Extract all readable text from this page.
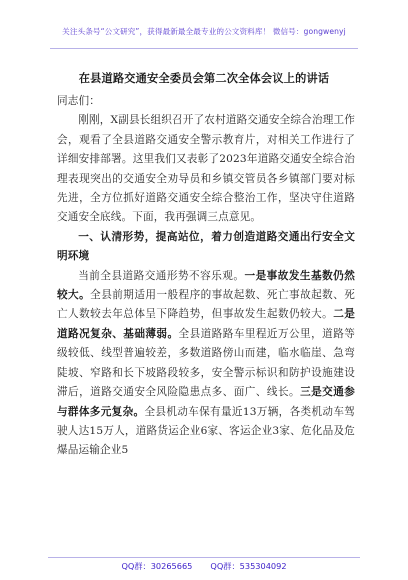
关注头条号“公文研究”，获得最新最全最专业的公文资料库！ 微信号：gongwenyj
在县道路交通安全委员会第二次全体会议上的讲话

同志们：

刚刚，X副县长组织召开了农村道路交通安全综合治理工作会，观看了全县道路交通安全警示教育片，对相关工作进行了详细安排部署。这里我们又表彰了2023年道路交通安全综合治理表现突出的交通安全劝导员和乡镇交管员各乡镇部门要对标先进，全方位抓好道路交通安全综合整治工作，坚决守住道路交通安全底线。下面，我再强调三点意见。

一、认清形势，提高站位，着力创造道路交通出行安全文明环境

当前全县道路交通形势不容乐观。一是事故发生基数仍然较大。全县前期适用一般程序的事故起数、死亡事故起数、死亡人数较去年总体呈下降趋势，但事故发生起数仍较大。二是道路况复杂、基础薄弱。全县道路路车里程近万公里，道路等级较低、线型普遍较差，多数道路傍山而建，临水临崖、急弯陡坡、窄路和长下坡路段较多，安全警示标识和防护设施建设滞后，道路交通安全风险隐患点多、面广、线长。三是交通参与群体多元复杂。全县机动车保有量近13万辆，各类机动车驾驶人达15万人，道路货运企业6家、客运企业3家、危化品及危爆品运输企业5

QQ群：30265665 QQ群：535304092
